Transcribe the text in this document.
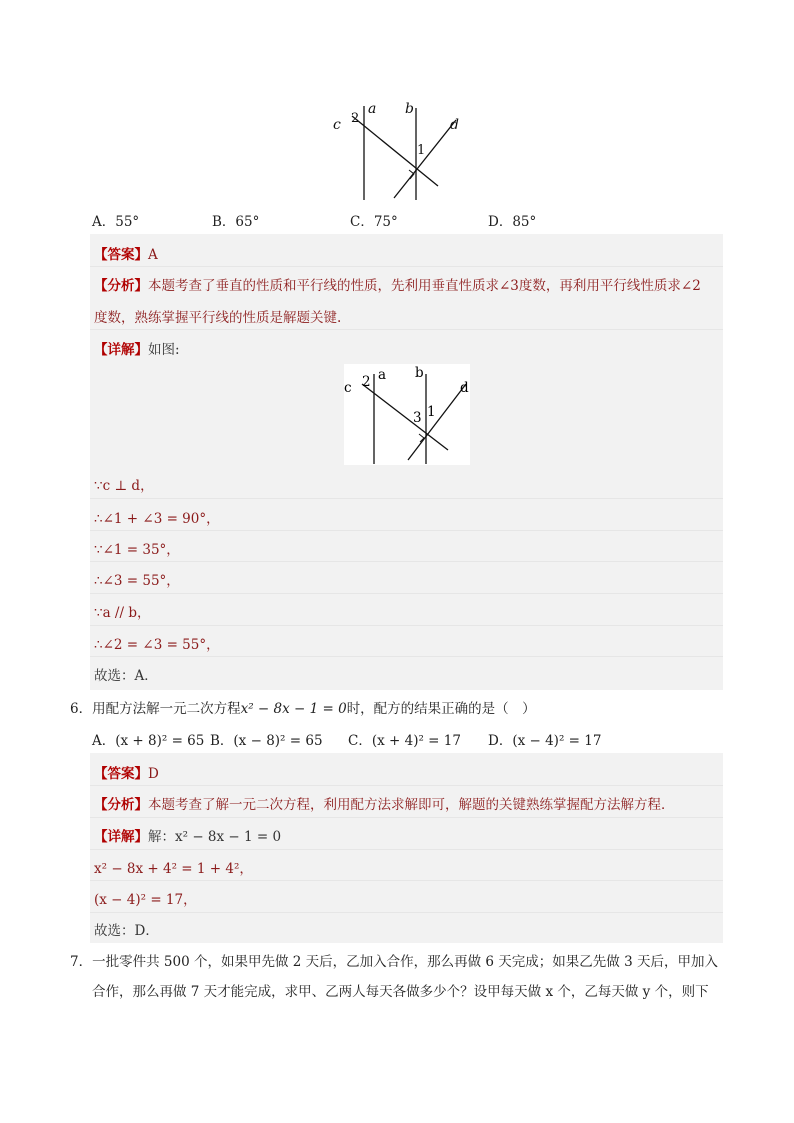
a b
c	d
2
1
A．55°	B．65°	C．75°	D．85°
【答案】A
【分析】本题考查了垂直的性质和平行线的性质，先利用垂直性质求∠3度数，再利用平行线性质求∠2
度数，熟练掌握平行线的性质是解题关键.
【详解】如图:
a b
c	d
2
1
3
∵c ⊥ d，
∴∠1 + ∠3 = 90°，
∵∠1 = 35°，
∴∠3 = 55°，
∵a // b，
∴∠2 = ∠3 = 55°，
故选：A．
6．用配方法解一元二次方程x² − 8x − 1 = 0时，配方的结果正确的是（　）
A．(x + 8)² = 65 B．(x − 8)² = 65 C．(x + 4)² = 17 D．(x − 4)² = 17
【答案】D
【分析】本题考查了解一元二次方程，利用配方法求解即可，解题的关键熟练掌握配方法解方程．
【详解】解：x² − 8x − 1 = 0
x² − 8x + 4² = 1 + 4²，
(x − 4)² = 17，
故选：D．
7．一批零件共 500 个，如果甲先做 2 天后，乙加入合作，那么再做 6 天完成；如果乙先做 3 天后，甲加入
合作，那么再做 7 天才能完成，求甲、乙两人每天各做多少个？设甲每天做 x 个，乙每天做 y 个，则下
